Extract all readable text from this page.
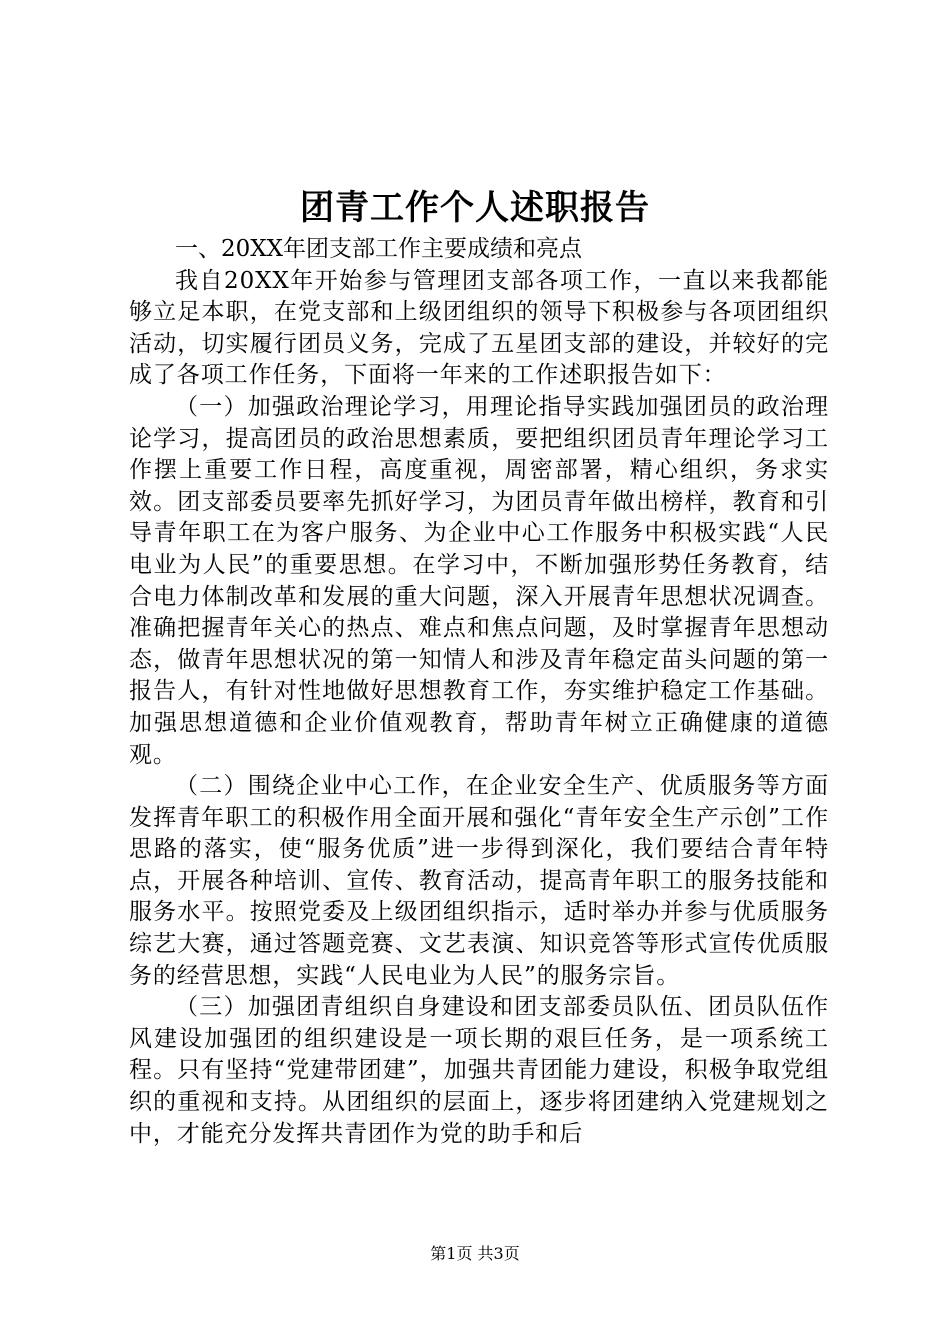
团青工作个人述职报告

一、20XX年团支部工作主要成绩和亮点

我自20XX年开始参与管理团支部各项工作，一直以来我都能够立足本职，在党支部和上级团组织的领导下积极参与各项团组织活动，切实履行团员义务，完成了五星团支部的建设，并较好的完成了各项工作任务，下面将一年来的工作述职报告如下：

（一）加强政治理论学习，用理论指导实践加强团员的政治理论学习，提高团员的政治思想素质，要把组织团员青年理论学习工作摆上重要工作日程，高度重视，周密部署，精心组织，务求实效。团支部委员要率先抓好学习，为团员青年做出榜样，教育和引导青年职工在为客户服务、为企业中心工作服务中积极实践“人民电业为人民”的重要思想。在学习中，不断加强形势任务教育，结合电力体制改革和发展的重大问题，深入开展青年思想状况调查。准确把握青年关心的热点、难点和焦点问题，及时掌握青年思想动态，做青年思想状况的第一知情人和涉及青年稳定苗头问题的第一报告人，有针对性地做好思想教育工作，夯实维护稳定工作基础。加强思想道德和企业价值观教育，帮助青年树立正确健康的道德观。

（二）围绕企业中心工作，在企业安全生产、优质服务等方面发挥青年职工的积极作用全面开展和强化“青年安全生产示创”工作思路的落实，使“服务优质”进一步得到深化，我们要结合青年特点，开展各种培训、宣传、教育活动，提高青年职工的服务技能和服务水平。按照党委及上级团组织指示，适时举办并参与优质服务综艺大赛，通过答题竞赛、文艺表演、知识竞答等形式宣传优质服务的经营思想，实践“人民电业为人民”的服务宗旨。

（三）加强团青组织自身建设和团支部委员队伍、团员队伍作风建设加强团的组织建设是一项长期的艰巨任务，是一项系统工程。只有坚持“党建带团建”，加强共青团能力建设，积极争取党组织的重视和支持。从团组织的层面上，逐步将团建纳入党建规划之中，才能充分发挥共青团作为党的助手和后

第1页 共3页
